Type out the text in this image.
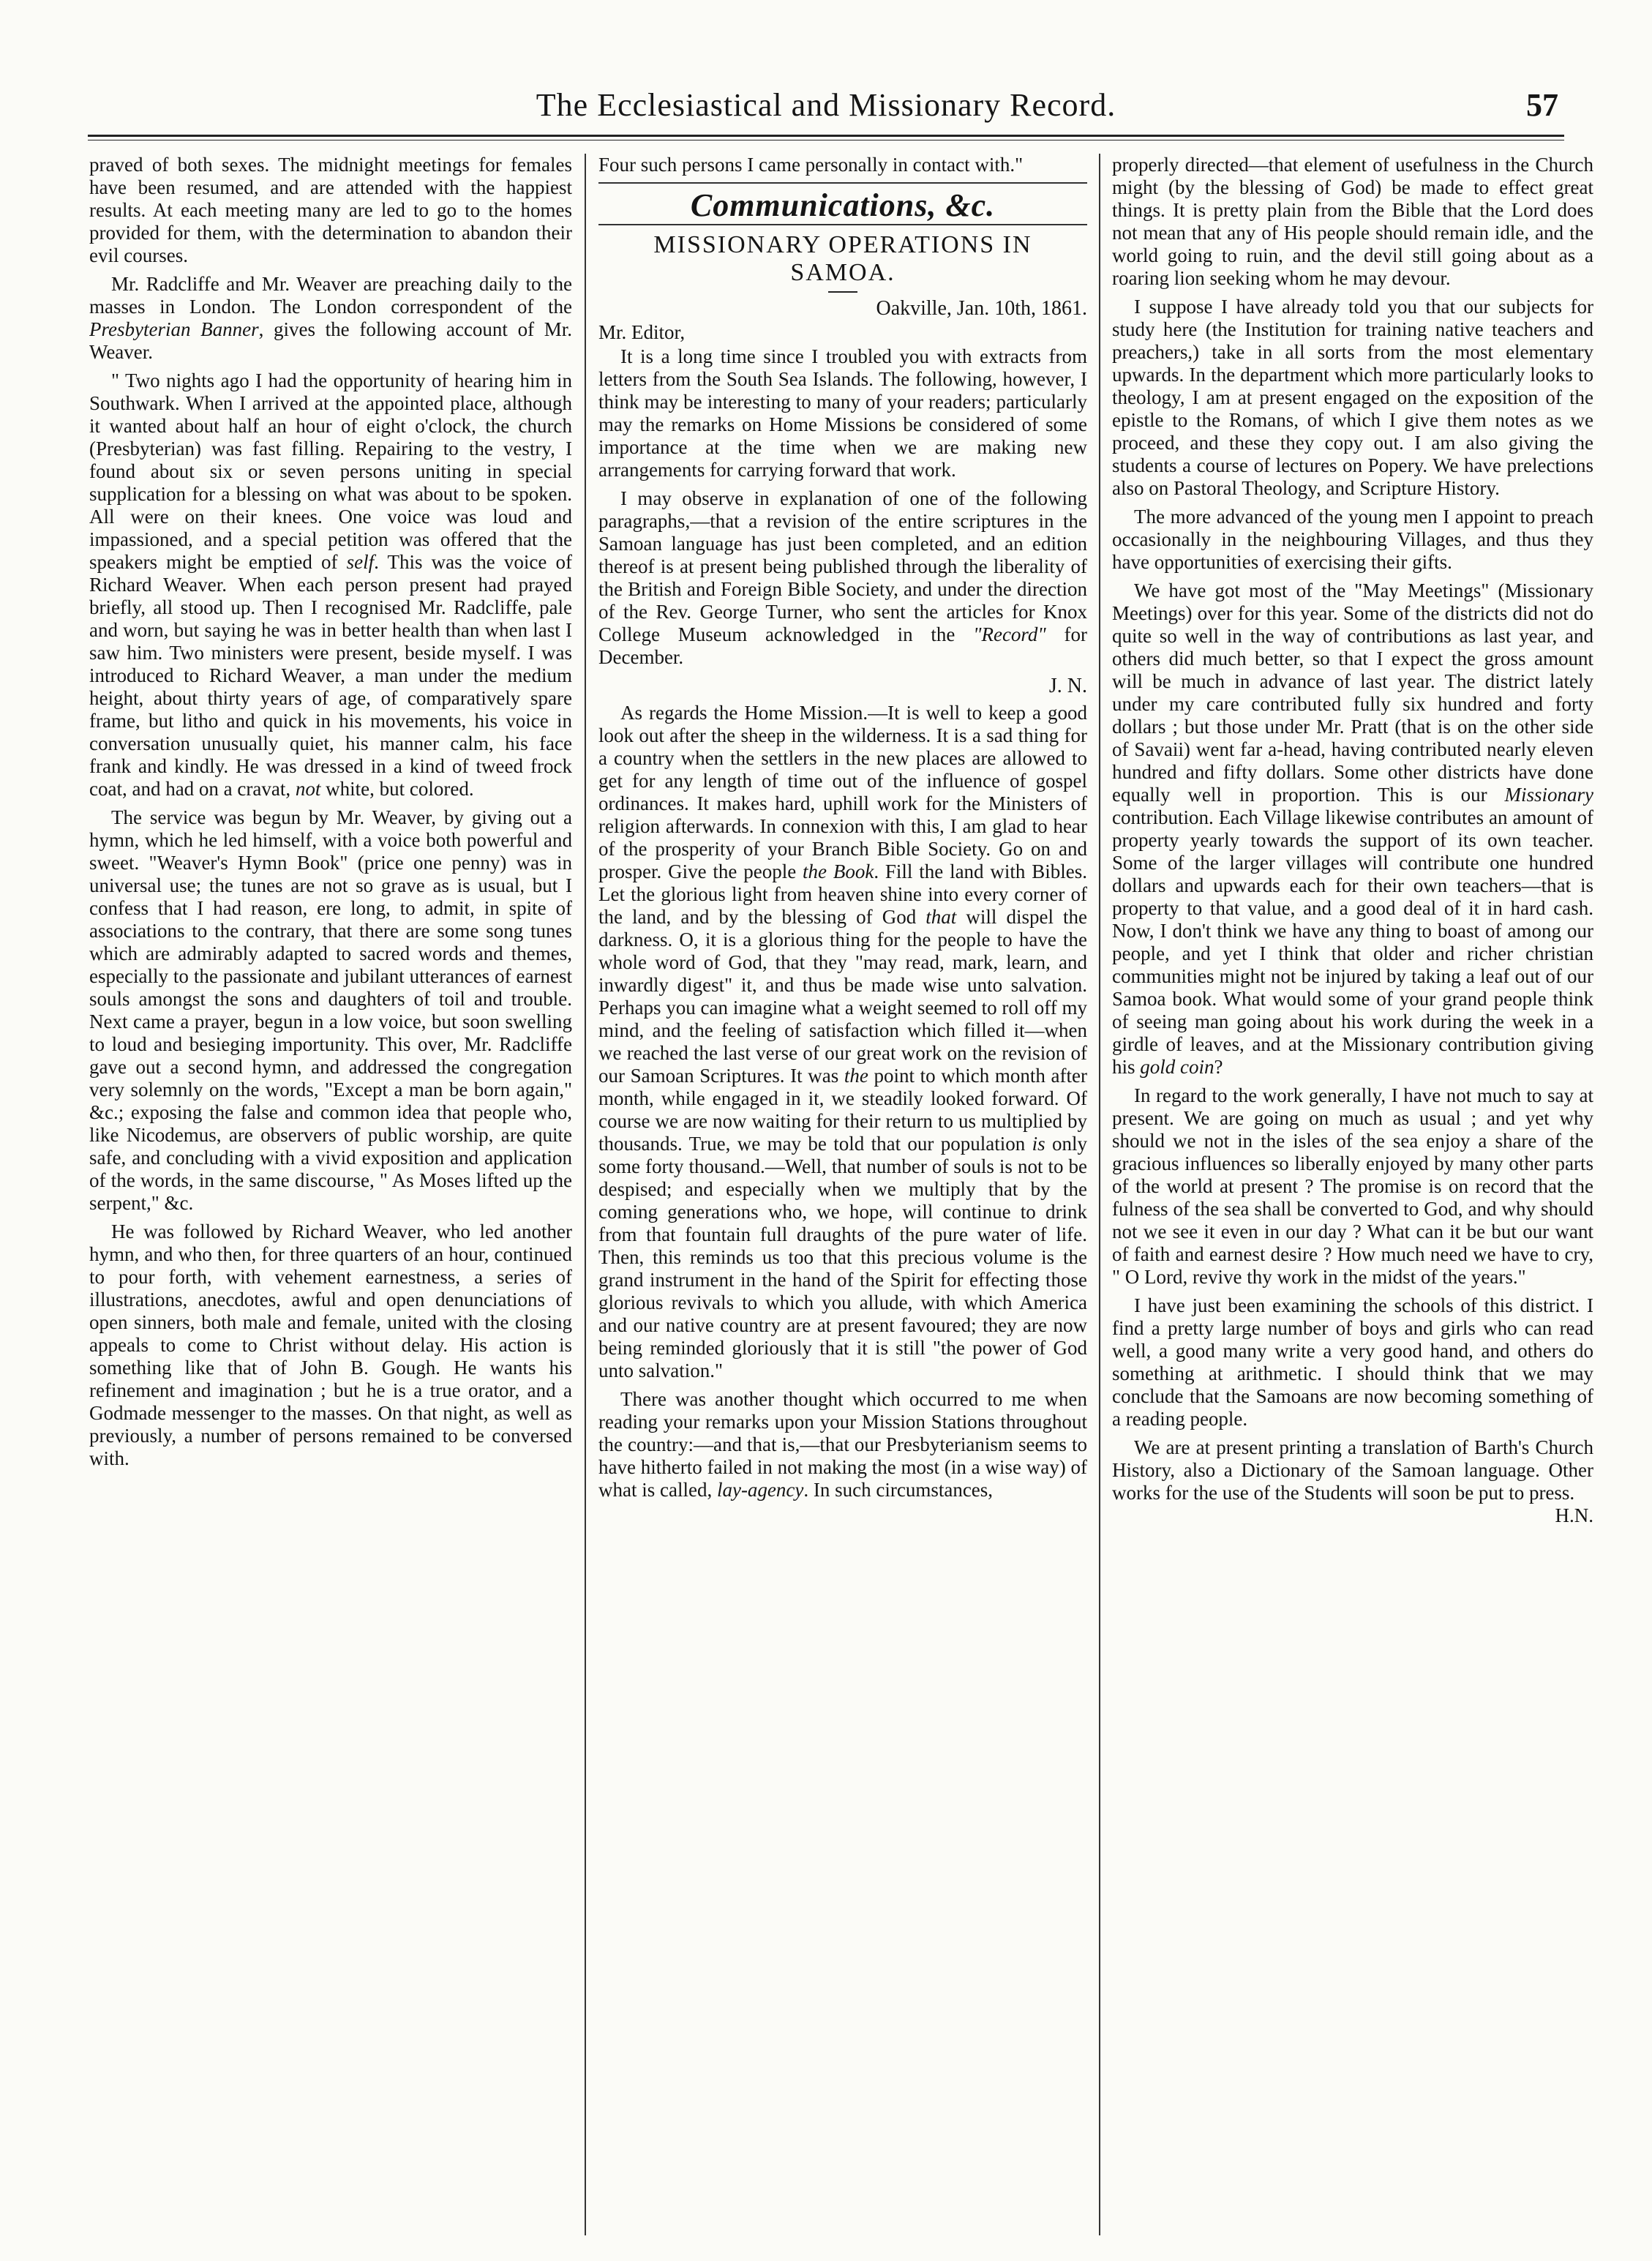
The Ecclesiastical and Missionary Record.	57

praved of both sexes. The midnight meetings for females have been resumed, and are attended with the happiest results. At each meeting many are led to go to the homes provided for them, with the determination to abandon their evil courses.

Mr. Radcliffe and Mr. Weaver are preaching daily to the masses in London. The London correspondent of the Presbyterian Banner, gives the following account of Mr. Weaver.

" Two nights ago I had the opportunity of hearing him in Southwark. When I arrived at the appointed place, although it wanted about half an hour of eight o'clock, the church (Presbyterian) was fast filling. Repairing to the vestry, I found about six or seven persons uniting in special supplication for a blessing on what was about to be spoken. All were on their knees. One voice was loud and impassioned, and a special petition was offered that the speakers might be emptied of self. This was the voice of Richard Weaver. When each person present had prayed briefly, all stood up. Then I recognised Mr. Radcliffe, pale and worn, but saying he was in better health than when last I saw him. Two ministers were present, beside myself. I was introduced to Richard Weaver, a man under the medium height, about thirty years of age, of comparatively spare frame, but litho and quick in his movements, his voice in conversation unusually quiet, his manner calm, his face frank and kindly. He was dressed in a kind of tweed frock coat, and had on a cravat, not white, but colored.

The service was begun by Mr. Weaver, by giving out a hymn, which he led himself, with a voice both powerful and sweet. "Weaver's Hymn Book" (price one penny) was in universal use; the tunes are not so grave as is usual, but I confess that I had reason, ere long, to admit, in spite of associations to the contrary, that there are some song tunes which are admirably adapted to sacred words and themes, especially to the passionate and jubilant utterances of earnest souls amongst the sons and daughters of toil and trouble. Next came a prayer, begun in a low voice, but soon swelling to loud and besieging importunity. This over, Mr. Radcliffe gave out a second hymn, and addressed the congregation very solemnly on the words, "Except a man be born again," &c.; exposing the false and common idea that people who, like Nicodemus, are observers of public worship, are quite safe, and concluding with a vivid exposition and application of the words, in the same discourse, " As Moses lifted up the serpent," &c.

He was followed by Richard Weaver, who led another hymn, and who then, for three quarters of an hour, continued to pour forth, with vehement earnestness, a series of illustrations, anecdotes, awful and open denunciations of open sinners, both male and female, united with the closing appeals to come to Christ without delay. His action is something like that of John B. Gough. He wants his refinement and imagination ; but he is a true orator, and a Godmade messenger to the masses. On that night, as well as previously, a number of persons remained to be conversed with.

Four such persons I came personally in contact with."

Communications, &c.
MISSIONARY OPERATIONS IN SAMOA.
Oakville, Jan. 10th, 1861.
Mr. Editor,

It is a long time since I troubled you with extracts from letters from the South Sea Islands. The following, however, I think may be interesting to many of your readers; particularly may the remarks on Home Missions be considered of some importance at the time when we are making new arrangements for carrying forward that work.

I may observe in explanation of one of the following paragraphs,—that a revision of the entire scriptures in the Samoan language has just been completed, and an edition thereof is at present being published through the liberality of the British and Foreign Bible Society, and under the direction of the Rev. George Turner, who sent the articles for Knox College Museum acknowledged in the "Record" for December.

J. N.

As regards the Home Mission.—It is well to keep a good look out after the sheep in the wilderness. It is a sad thing for a country when the settlers in the new places are allowed to get for any length of time out of the influence of gospel ordinances. It makes hard, uphill work for the Ministers of religion afterwards. In connexion with this, I am glad to hear of the prosperity of your Branch Bible Society. Go on and prosper. Give the people the Book. Fill the land with Bibles. Let the glorious light from heaven shine into every corner of the land, and by the blessing of God that will dispel the darkness. O, it is a glorious thing for the people to have the whole word of God, that they "may read, mark, learn, and inwardly digest" it, and thus be made wise unto salvation. Perhaps you can imagine what a weight seemed to roll off my mind, and the feeling of satisfaction which filled it—when we reached the last verse of our great work on the revision of our Samoan Scriptures. It was the point to which month after month, while engaged in it, we steadily looked forward. Of course we are now waiting for their return to us multiplied by thousands. True, we may be told that our population is only some forty thousand.—Well, that number of souls is not to be despised; and especially when we multiply that by the coming generations who, we hope, will continue to drink from that fountain full draughts of the pure water of life. Then, this reminds us too that this precious volume is the grand instrument in the hand of the Spirit for effecting those glorious revivals to which you allude, with which America and our native country are at present favoured; they are now being reminded gloriously that it is still "the power of God unto salvation."

There was another thought which occurred to me when reading your remarks upon your Mission Stations throughout the country:—and that is,—that our Presbyterianism seems to have hitherto failed in not making the most (in a wise way) of what is called, lay-agency. In such circumstances,

properly directed—that element of usefulness in the Church might (by the blessing of God) be made to effect great things. It is pretty plain from the Bible that the Lord does not mean that any of His people should remain idle, and the world going to ruin, and the devil still going about as a roaring lion seeking whom he may devour.

I suppose I have already told you that our subjects for study here (the Institution for training native teachers and preachers,) take in all sorts from the most elementary upwards. In the department which more particularly looks to theology, I am at present engaged on the exposition of the epistle to the Romans, of which I give them notes as we proceed, and these they copy out. I am also giving the students a course of lectures on Popery. We have prelections also on Pastoral Theology, and Scripture History.

The more advanced of the young men I appoint to preach occasionally in the neighbouring Villages, and thus they have opportunities of exercising their gifts.

We have got most of the "May Meetings" (Missionary Meetings) over for this year. Some of the districts did not do quite so well in the way of contributions as last year, and others did much better, so that I expect the gross amount will be much in advance of last year. The district lately under my care contributed fully six hundred and forty dollars ; but those under Mr. Pratt (that is on the other side of Savaii) went far a-head, having contributed nearly eleven hundred and fifty dollars. Some other districts have done equally well in proportion. This is our Missionary contribution. Each Village likewise contributes an amount of property yearly towards the support of its own teacher. Some of the larger villages will contribute one hundred dollars and upwards each for their own teachers—that is property to that value, and a good deal of it in hard cash. Now, I don't think we have any thing to boast of among our people, and yet I think that older and richer christian communities might not be injured by taking a leaf out of our Samoa book. What would some of your grand people think of seeing man going about his work during the week in a girdle of leaves, and at the Missionary contribution giving his gold coin?

In regard to the work generally, I have not much to say at present. We are going on much as usual ; and yet why should we not in the isles of the sea enjoy a share of the gracious influences so liberally enjoyed by many other parts of the world at present ? The promise is on record that the fulness of the sea shall be converted to God, and why should not we see it even in our day ? What can it be but our want of faith and earnest desire ? How much need we have to cry, " O Lord, revive thy work in the midst of the years."

I have just been examining the schools of this district. I find a pretty large number of boys and girls who can read well, a good many write a very good hand, and others do something at arithmetic. I should think that we may conclude that the Samoans are now becoming something of a reading people.

We are at present printing a translation of Barth's Church History, also a Dictionary of the Samoan language. Other works for the use of the Students will soon be put to press.
H.N.
